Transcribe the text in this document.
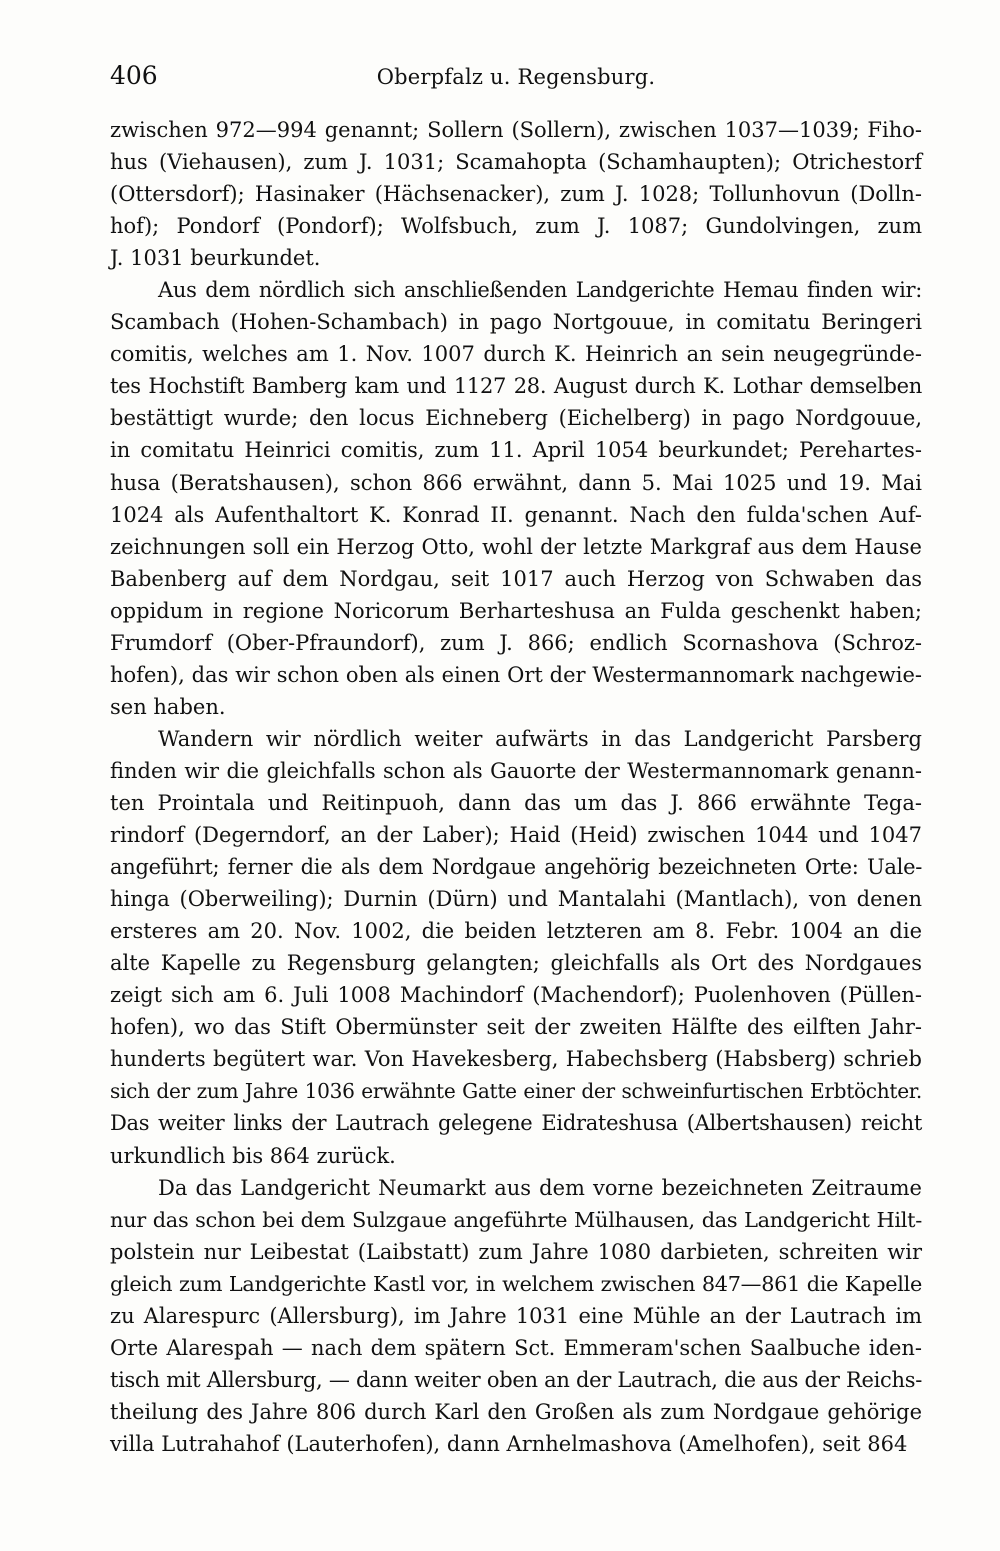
406	Oberpfalz u. Regensburg.
zwischen 972—994 genannt; Sollern (Sollern), zwischen 1037—1039; Fiho-
hus (Viehausen), zum J. 1031; Scamahopta (Schamhaupten); Otrichestorf
(Ottersdorf); Hasinaker (Hächsenacker), zum J. 1028; Tollunhovun (Dolln-
hof); Pondorf (Pondorf); Wolfsbuch, zum J. 1087; Gundolvingen, zum
J. 1031 beurkundet.
Aus dem nördlich sich anschließenden Landgerichte Hemau finden wir:
Scambach (Hohen-Schambach) in pago Nortgouue, in comitatu Beringeri
comitis, welches am 1. Nov. 1007 durch K. Heinrich an sein neugegründe-
tes Hochstift Bamberg kam und 1127 28. August durch K. Lothar demselben
bestättigt wurde; den locus Eichneberg (Eichelberg) in pago Nordgouue,
in comitatu Heinrici comitis, zum 11. April 1054 beurkundet; Perehartes-
husa (Beratshausen), schon 866 erwähnt, dann 5. Mai 1025 und 19. Mai
1024 als Aufenthaltort K. Konrad II. genannt. Nach den fulda'schen Auf-
zeichnungen soll ein Herzog Otto, wohl der letzte Markgraf aus dem Hause
Babenberg auf dem Nordgau, seit 1017 auch Herzog von Schwaben das
oppidum in regione Noricorum Berharteshusa an Fulda geschenkt haben;
Frumdorf (Ober-Pfraundorf), zum J. 866; endlich Scornashova (Schroz-
hofen), das wir schon oben als einen Ort der Westermannomark nachgewie-
sen haben.
Wandern wir nördlich weiter aufwärts in das Landgericht Parsberg
finden wir die gleichfalls schon als Gauorte der Westermannomark genann-
ten Prointala und Reitinpuoh, dann das um das J. 866 erwähnte Tega-
rindorf (Degerndorf, an der Laber); Haid (Heid) zwischen 1044 und 1047
angeführt; ferner die als dem Nordgaue angehörig bezeichneten Orte: Uale-
hinga (Oberweiling); Durnin (Dürn) und Mantalahi (Mantlach), von denen
ersteres am 20. Nov. 1002, die beiden letzteren am 8. Febr. 1004 an die
alte Kapelle zu Regensburg gelangten; gleichfalls als Ort des Nordgaues
zeigt sich am 6. Juli 1008 Machindorf (Machendorf); Puolenhoven (Püllen-
hofen), wo das Stift Obermünster seit der zweiten Hälfte des eilften Jahr-
hunderts begütert war. Von Havekesberg, Habechsberg (Habsberg) schrieb
sich der zum Jahre 1036 erwähnte Gatte einer der schweinfurtischen Erbtöchter.
Das weiter links der Lautrach gelegene Eidrateshusa (Albertshausen) reicht
urkundlich bis 864 zurück.
Da das Landgericht Neumarkt aus dem vorne bezeichneten Zeitraume
nur das schon bei dem Sulzgaue angeführte Mülhausen, das Landgericht Hilt-
polstein nur Leibestat (Laibstatt) zum Jahre 1080 darbieten, schreiten wir
gleich zum Landgerichte Kastl vor, in welchem zwischen 847—861 die Kapelle
zu Alarespurc (Allersburg), im Jahre 1031 eine Mühle an der Lautrach im
Orte Alarespah — nach dem spätern Sct. Emmeram'schen Saalbuche iden-
tisch mit Allersburg, — dann weiter oben an der Lautrach, die aus der Reichs-
theilung des Jahre 806 durch Karl den Großen als zum Nordgaue gehörige
villa Lutrahahof (Lauterhofen), dann Arnhelmashova (Amelhofen), seit 864
